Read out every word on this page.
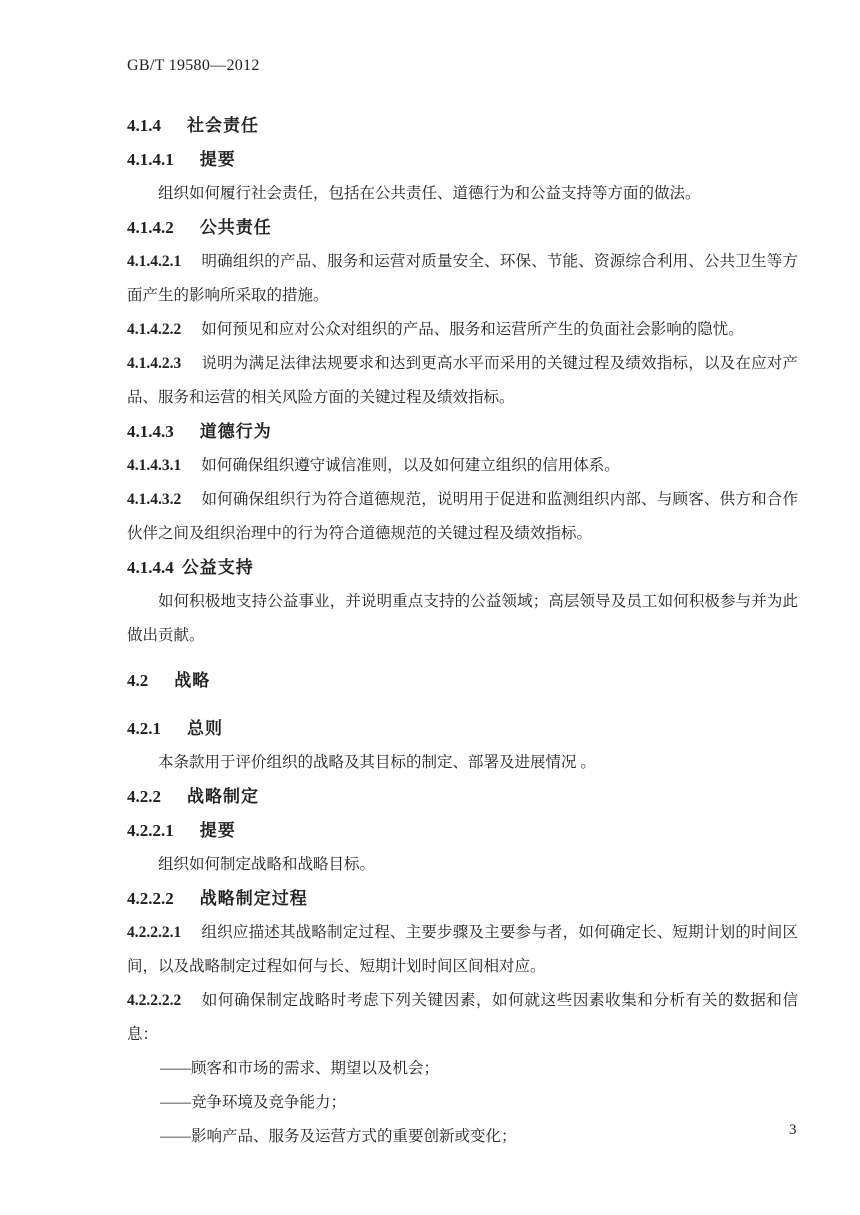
GB/T 19580—2012
4.1.4 社会责任
4.1.4.1 提要

组织如何履行社会责任，包括在公共责任、道德行为和公益支持等方面的做法。

4.1.4.2 公共责任

4.1.4.2.1 明确组织的产品、服务和运营对质量安全、环保、节能、资源综合利用、公共卫生等方面产生的影响所采取的措施。

4.1.4.2.2 如何预见和应对公众对组织的产品、服务和运营所产生的负面社会影响的隐忧。

4.1.4.2.3 说明为满足法律法规要求和达到更高水平而采用的关键过程及绩效指标，以及在应对产品、服务和运营的相关风险方面的关键过程及绩效指标。

4.1.4.3 道德行为

4.1.4.3.1 如何确保组织遵守诚信准则，以及如何建立组织的信用体系。

4.1.4.3.2 如何确保组织行为符合道德规范，说明用于促进和监测组织内部、与顾客、供方和合作伙伴之间及组织治理中的行为符合道德规范的关键过程及绩效指标。

4.1.4.4 公益支持

如何积极地支持公益事业，并说明重点支持的公益领域；高层领导及员工如何积极参与并为此做出贡献。

4.2 战略
4.2.1 总则

本条款用于评价组织的战略及其目标的制定、部署及进展情况 。

4.2.2 战略制定
4.2.2.1 提要

组织如何制定战略和战略目标。

4.2.2.2 战略制定过程

4.2.2.2.1 组织应描述其战略制定过程、主要步骤及主要参与者，如何确定长、短期计划的时间区间，以及战略制定过程如何与长、短期计划时间区间相对应。

4.2.2.2.2 如何确保制定战略时考虑下列关键因素，如何就这些因素收集和分析有关的数据和信息：

——顾客和市场的需求、期望以及机会；

——竞争环境及竞争能力；

——影响产品、服务及运营方式的重要创新或变化；	3
